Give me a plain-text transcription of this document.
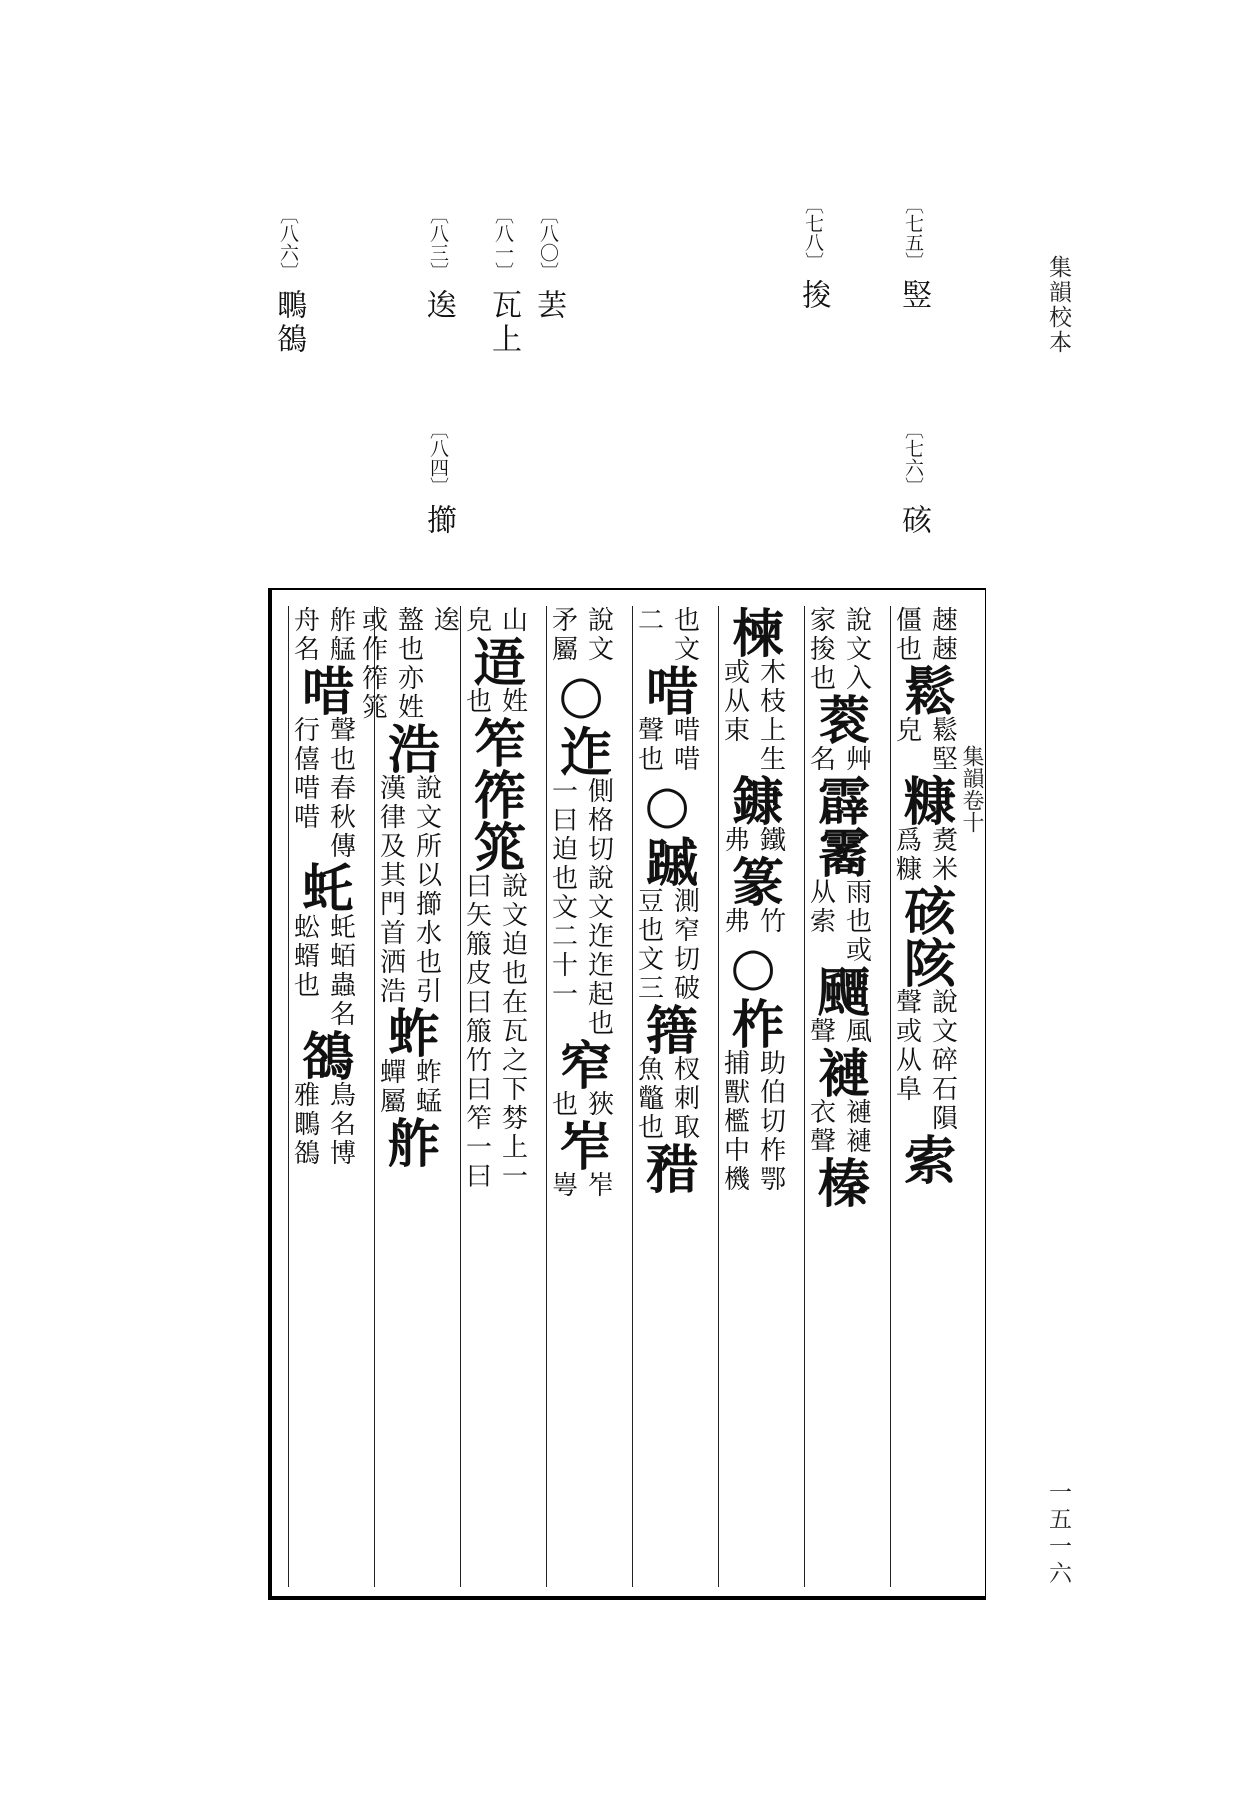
集韻校本
一五一六
〔七五〕竪
〔七六〕硋
〔七八〕捘
〔八〇〕䒧
〔八一〕瓦上
〔八三〕逘
〔八四〕擳
〔八六〕䳭鵅
集韻卷十
趚趚
僵也
鬆
鬆堅
皃
糠
煑米
爲糠
硋陔
說文碎石隕
聲或从阜
索
說文入
家捘也
蓘
艸
名
霹霱
雨也或
从索
飅
風
聲
褳
褳褳
衣聲
榛
楝
木枝上生
或从束
鏮
鐵
弗
篆
竹
弗
○柞
助伯切柞鄂
捕獸檻中機
也文
二
唶
唶唶
聲也
○䠞
測窄切破
豆也文三
簎
杈刺取
魚鼈也
矠
說文
矛屬
○迮
側格切說文迮迮起也
一曰迫也文二十一
窄
狹
也
岝
岝
㟧
山
皃
逜
姓
也
笮筰筄
說文迫也在瓦之下棼上一
曰矢箙皮曰箙竹曰笮一曰
逘
盩也亦姓
或作筰筄
浩
說文所以擳水也引
漢律及其門首洒浩
蚱
蚱蜢
蟬屬
舴
舴艋
舟名
唶
聲也春秋傳
行僖唶唶
虴
虴蛨蟲名
蚣蝑也
鵅
鳥名博
雅䳭鵅
